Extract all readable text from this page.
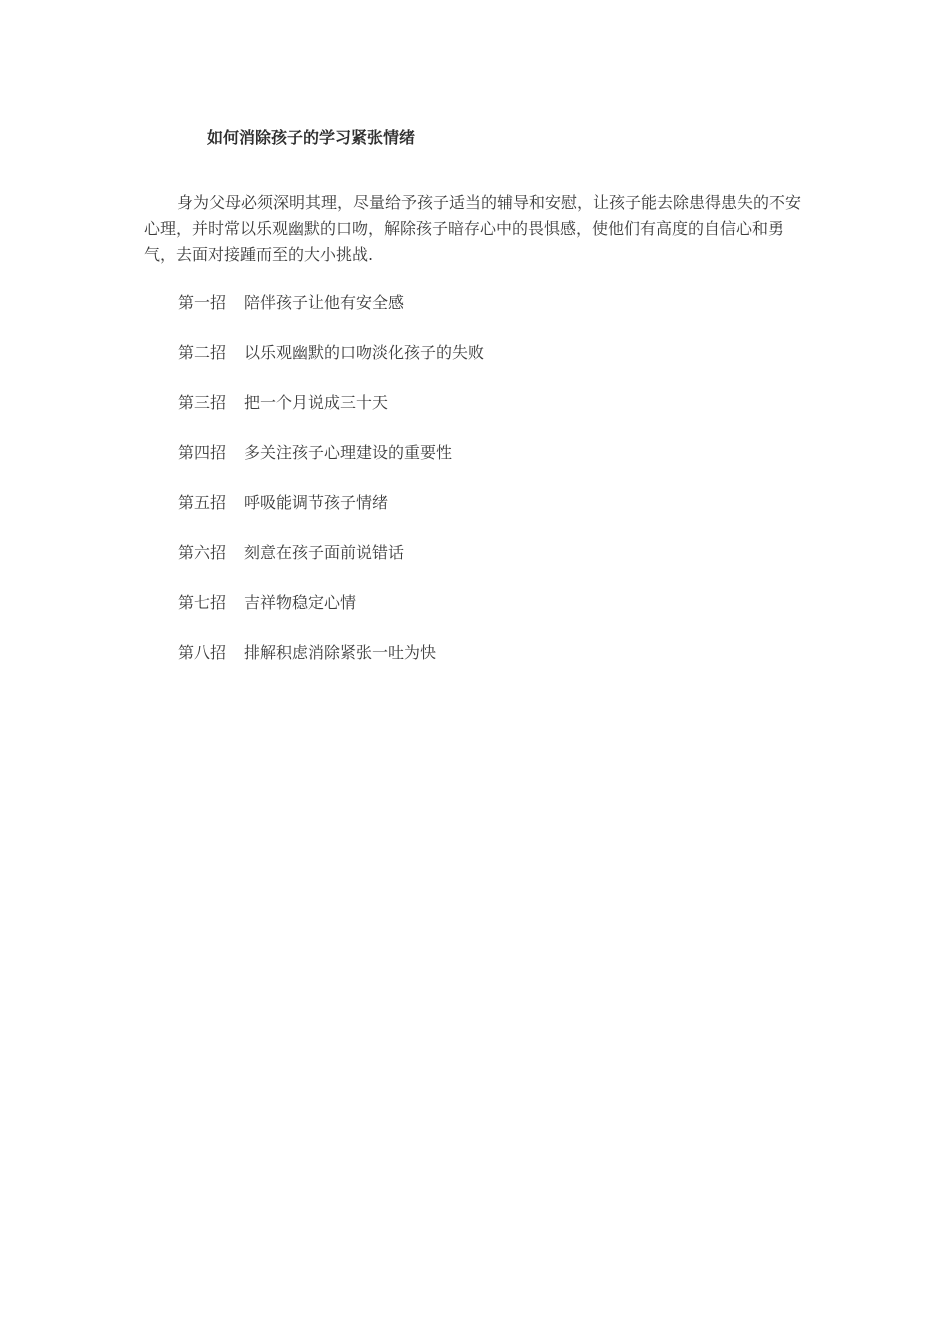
如何消除孩子的学习紧张情绪

身为父母必须深明其理，尽量给予孩子适当的辅导和安慰，让孩子能去除患得患失的不安心理，并时常以乐观幽默的口吻，解除孩子暗存心中的畏惧感，使他们有高度的自信心和勇气，去面对接踵而至的大小挑战.

第一招 陪伴孩子让他有安全感
第二招 以乐观幽默的口吻淡化孩子的失败
第三招 把一个月说成三十天
第四招 多关注孩子心理建设的重要性
第五招 呼吸能调节孩子情绪
第六招 刻意在孩子面前说错话
第七招 吉祥物稳定心情
第八招 排解积虑消除紧张一吐为快
